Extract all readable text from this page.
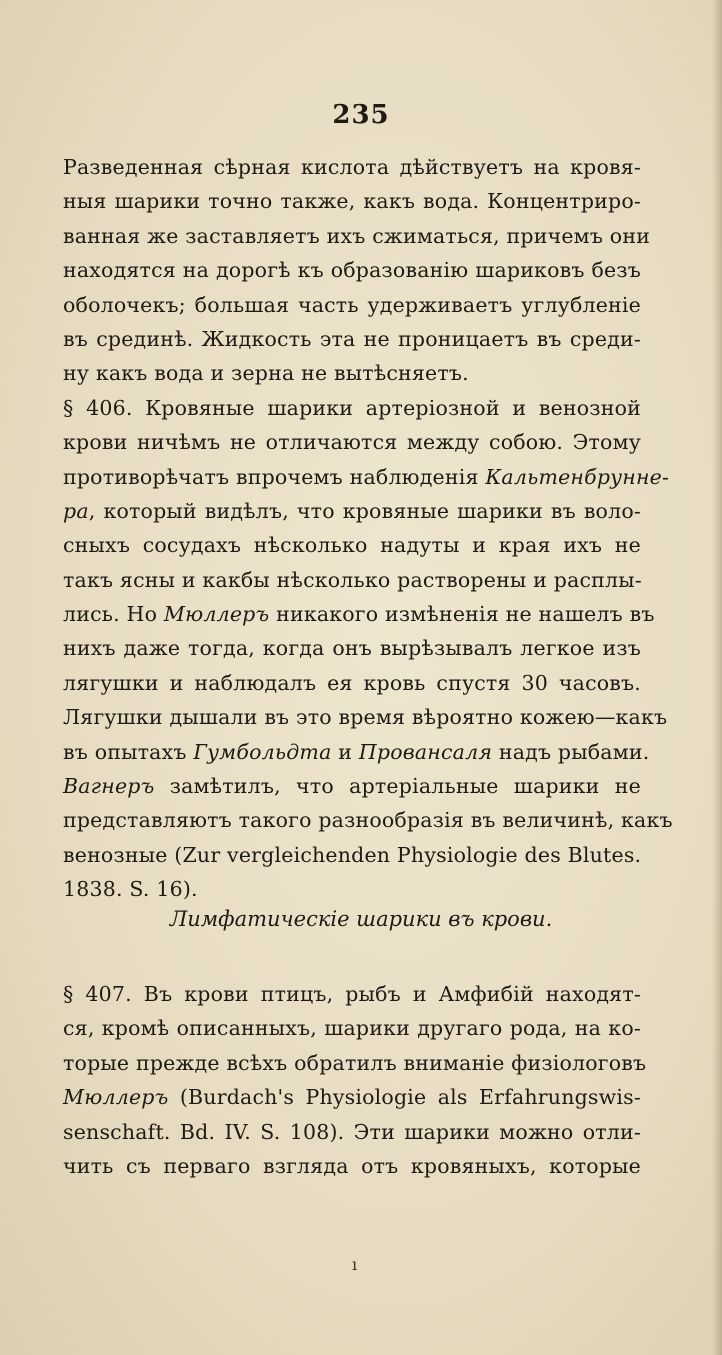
235
Разведенная сѣрная кислота дѣйствуетъ на кровя-
ныя шарики точно также, какъ вода. Концентриро-
ванная же заставляетъ ихъ сжиматься, причемъ они
находятся на дорогѣ къ образованію шариковъ безъ
оболочекъ; большая часть удерживаетъ углубленіе
въ срединѣ. Жидкость эта не проницаетъ въ среди-
ну какъ вода и зерна не вытѣсняетъ.
§ 406. Кровяные шарики артеріозной и венозной
крови ничѣмъ не отличаются между собою. Этому
противорѣчатъ впрочемъ наблюденія Кальтенбрунне-
ра, который видѣлъ, что кровяные шарики въ воло-
сныхъ сосудахъ нѣсколько надуты и края ихъ не
такъ ясны и какбы нѣсколько растворены и расплы-
лись. Но Мюллеръ никакого измѣненія не нашелъ въ
нихъ даже тогда, когда онъ вырѣзывалъ легкое изъ
лягушки и наблюдалъ ея кровь спустя 30 часовъ.
Лягушки дышали въ это время вѣроятно кожею—какъ
въ опытахъ Гумбольдта и Провансаля надъ рыбами.
Вагнеръ замѣтилъ, что артеріальные шарики не
представляютъ такого разнообразія въ величинѣ, какъ
венозные (Zur vergleichenden Physiologie des Blutes.
1838. S. 16).
Лимфатическіе шарики въ крови.
§ 407. Въ крови птицъ, рыбъ и Амфибій находят-
ся, кромѣ описанныхъ, шарики другаго рода, на ко-
торые прежде всѣхъ обратилъ вниманіе физіологовъ
Мюллеръ (Burdach's Physiologie als Erfahrungswis-
senschaft. Bd. IV. S. 108). Эти шарики можно отли-
чить съ перваго взгляда отъ кровяныхъ, которые
ı
